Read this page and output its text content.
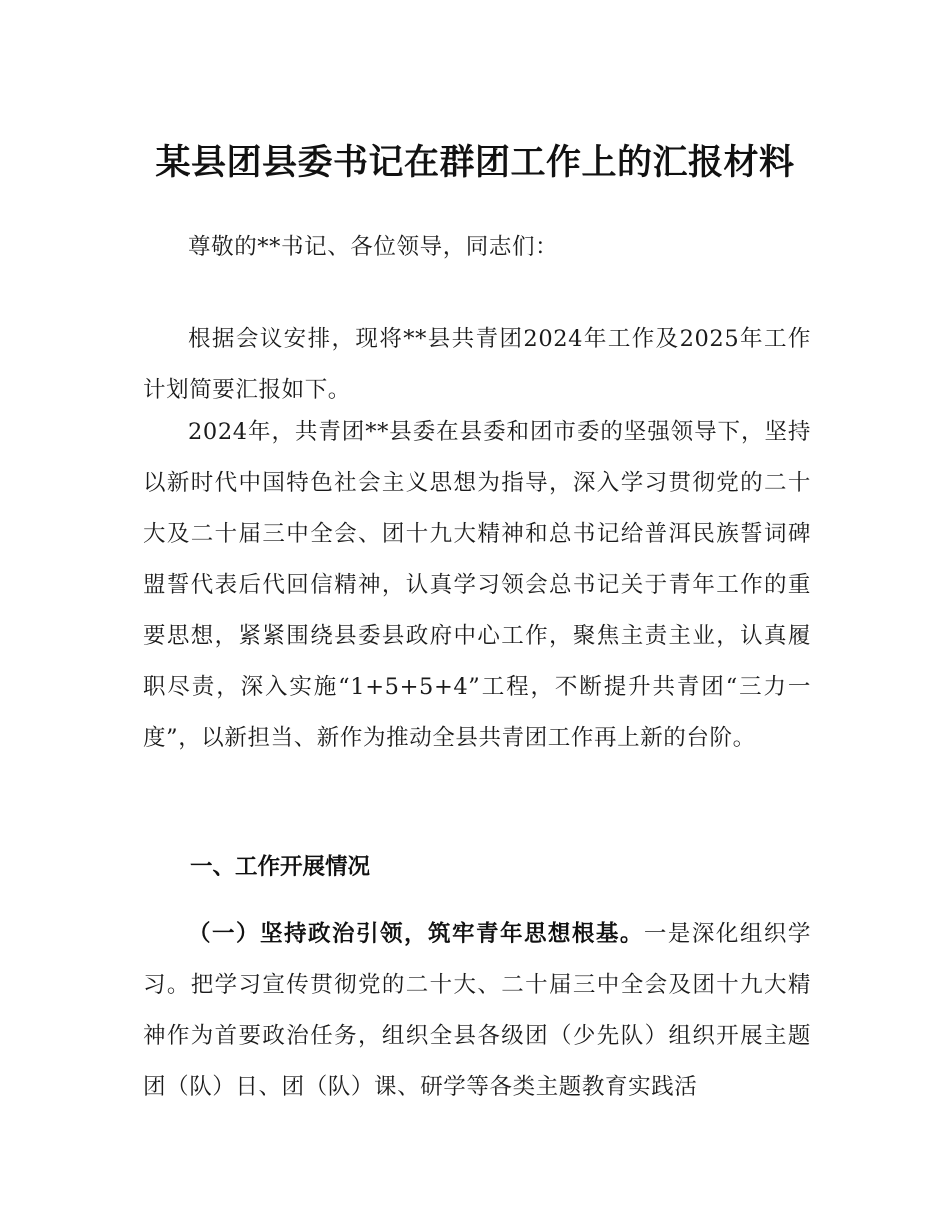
某县团县委书记在群团工作上的汇报材料

尊敬的**书记、各位领导，同志们：

根据会议安排，现将**县共青团2024年工作及2025年工作计划简要汇报如下。

2024年，共青团**县委在县委和团市委的坚强领导下，坚持以新时代中国特色社会主义思想为指导，深入学习贯彻党的二十大及二十届三中全会、团十九大精神和总书记给普洱民族誓词碑盟誓代表后代回信精神，认真学习领会总书记关于青年工作的重要思想，紧紧围绕县委县政府中心工作，聚焦主责主业，认真履职尽责，深入实施“1+5+5+4”工程，不断提升共青团“三力一度”，以新担当、新作为推动全县共青团工作再上新的台阶。

一、工作开展情况

（一）坚持政治引领，筑牢青年思想根基。一是深化组织学习。把学习宣传贯彻党的二十大、二十届三中全会及团十九大精神作为首要政治任务，组织全县各级团（少先队）组织开展主题团（队）日、团（队）课、研学等各类主题教育实践活
